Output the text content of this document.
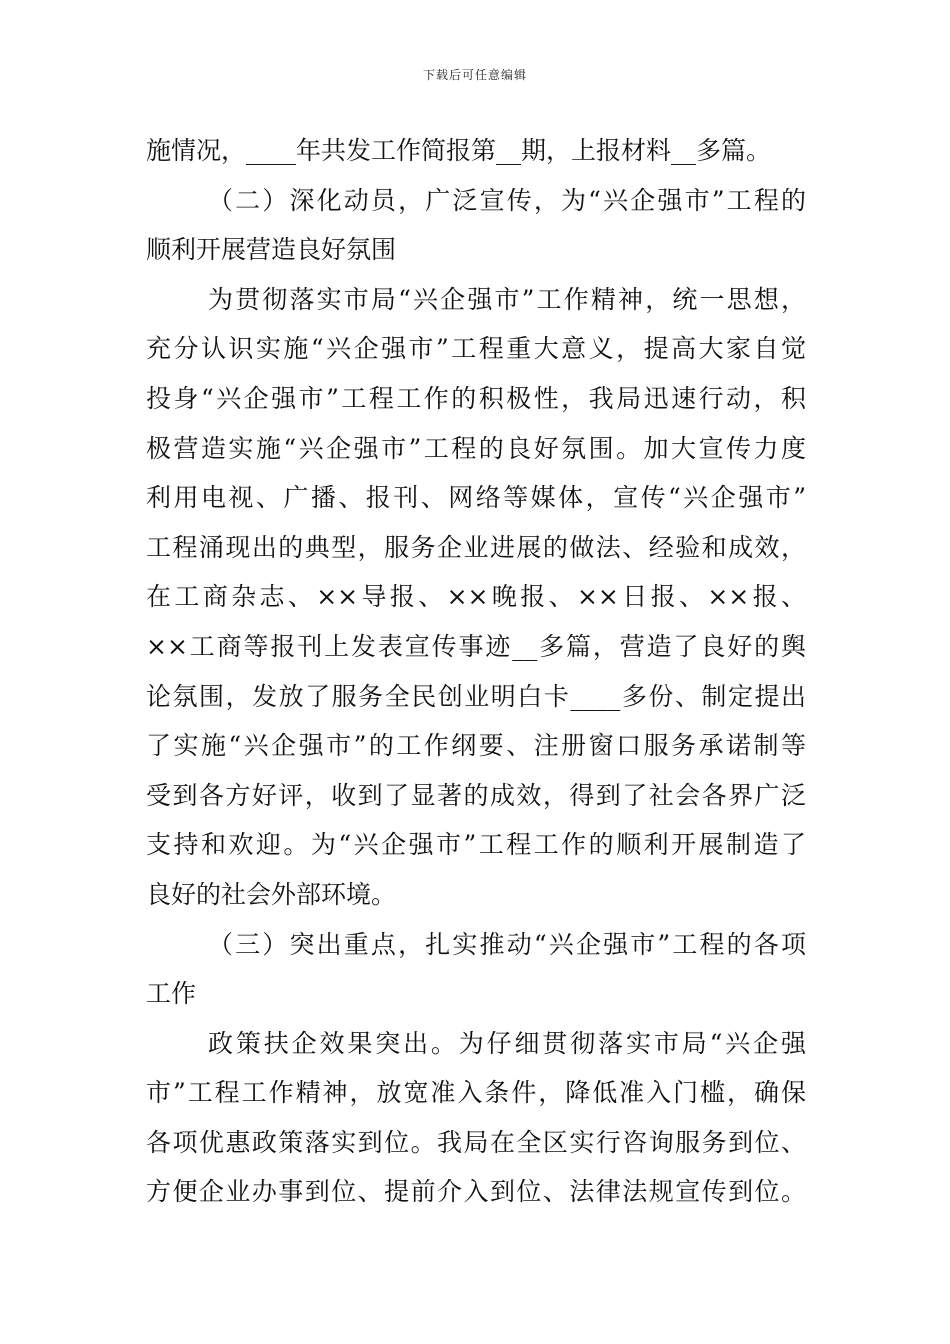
下载后可任意编辑
施情况，____年共发工作简报第__期，上报材料__多篇。
（二）深化动员，广泛宣传，为“兴企强市”工程的
顺利开展营造良好氛围
为贯彻落实市局“兴企强市”工作精神，统一思想，
充分认识实施“兴企强市”工程重大意义，提高大家自觉
投身“兴企强市”工程工作的积极性，我局迅速行动，积
极营造实施“兴企强市”工程的良好氛围。加大宣传力度
利用电视、广播、报刊、网络等媒体，宣传“兴企强市”
工程涌现出的典型，服务企业进展的做法、经验和成效，
在工商杂志、××导报、××晚报、××日报、××报、
××工商等报刊上发表宣传事迹__多篇，营造了良好的舆
论氛围，发放了服务全民创业明白卡____多份、制定提出
了实施“兴企强市”的工作纲要、注册窗口服务承诺制等
受到各方好评，收到了显著的成效，得到了社会各界广泛
支持和欢迎。为“兴企强市”工程工作的顺利开展制造了
良好的社会外部环境。
（三）突出重点，扎实推动“兴企强市”工程的各项
工作
政策扶企效果突出。为仔细贯彻落实市局“兴企强
市”工程工作精神，放宽准入条件，降低准入门槛，确保
各项优惠政策落实到位。我局在全区实行咨询服务到位、
方便企业办事到位、提前介入到位、法律法规宣传到位。
